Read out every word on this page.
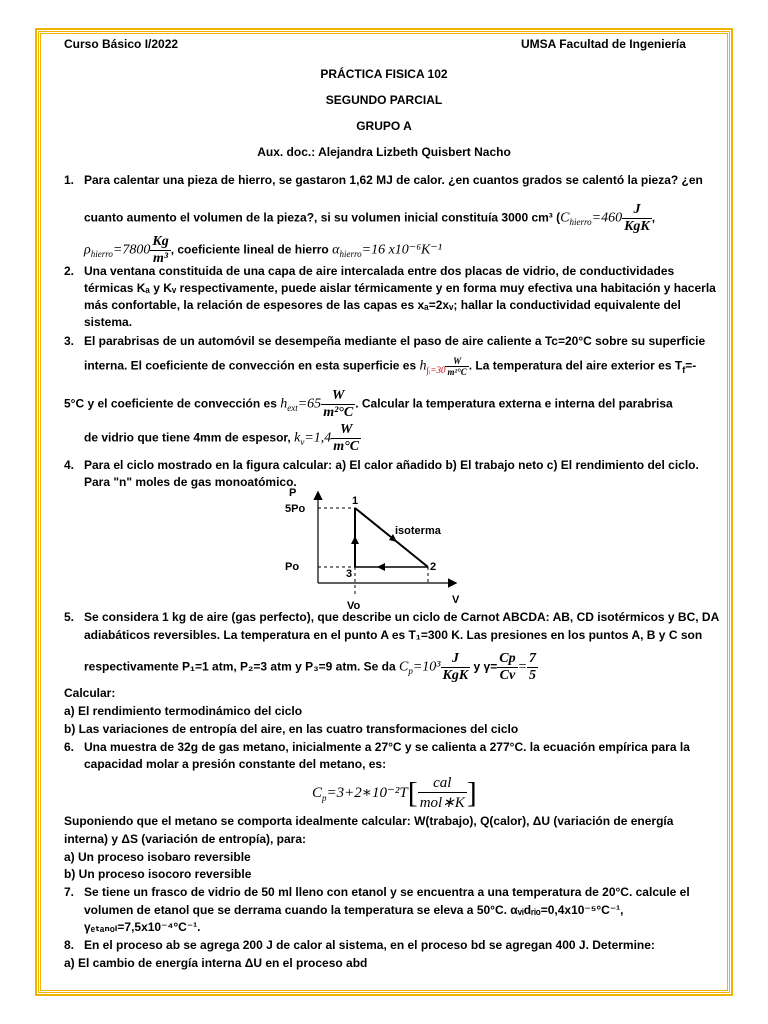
Curso Básico I/2022	UMSA Facultad de Ingeniería
PRÁCTICA FISICA 102
SEGUNDO PARCIAL
GRUPO A
Aux. doc.: Alejandra Lizbeth Quisbert Nacho
1. Para calentar una pieza de hierro, se gastaron 1,62 MJ de calor. ¿en cuantos grados se calentó la pieza? ¿en
cuanto aumento el volumen de la pieza?, si su volumen inicial constituía 3000 cm³ ($C_{hierro}=460 \frac{J}{\text{KgK}}$ ,
$\rho_{hierro}=7800 \frac{Kg}{\text{m³}}$ , coeficiente lineal de hierro $\alpha_{hierro}=16$ x10⁻⁶K⁻¹
2. Una ventana constituida de una capa de aire intercalada entre dos placas de vidrio, de conductividades
térmicas Kₐ y Kᵥ respectivamente, puede aislar térmicamente y en forma muy efectiva una habitación y hacerla
más confortable, la relación de espesores de las capas es xₐ=2xᵥ; hallar la conductividad equivalente del
sistema.
3. El parabrisas de un automóvil se desempeña mediante el paso de aire caliente a Tc=20°C sobre su superficie
interna. El coeficiente de convección en esta superficie es $h_{\int ᵢ=30} \frac{W}{\text{m²°C}}$ . La temperatura del aire exterior es $T_f=-$
5°C y el coeficiente de convección es $h_{ext}=65 \frac{W}{\text{m²°C}}$ . Calcular la temperatura externa e interna del parabrisa
de vidrio que tiene 4mm de espesor, $k_v=1,4 \frac{W}{m^\circ C}$
4. Para el ciclo mostrado en la figura calcular: a) El calor añadido b) El trabajo neto c) El rendimiento del ciclo.
Para "n" moles de gas monoatómico.
P
5Po
Po
Vo	V
1
2
3
isoterma
5. Se considera 1 kg de aire (gas perfecto), que describe un ciclo de Carnot ABCDA: AB, CD isotérmicos y BC, DA
adiabáticos reversibles. La temperatura en el punto A es T₁=300 K. Las presiones en los puntos A, B y C son
respectivamente P₁=1 atm, P₂=3 atm y P₃=9 atm. Se da $C_p=10^3 \frac{J}{\text{KgK}}$ y $\gamma= \frac{Cp}{Cv} = \frac{7}{5}$
Calcular:
a) El rendimiento termodinámico del ciclo
b) Las variaciones de entropía del aire, en las cuatro transformaciones del ciclo
6. Una muestra de 32g de gas metano, inicialmente a 27°C y se calienta a 277°C. la ecuación empírica para la
capacidad molar a presión constante del metano, es:
$C_p=3+2∗10^{-2}T[ \frac{\text{cal}}{\text{mol∗K}}$ ]
Suponiendo que el metano se comporta idealmente calcular: W(trabajo), Q(calor), ΔU (variación de energía
interna) y ΔS (variación de entropía), para:
a) Un proceso isobaro reversible
b) Un proceso isocoro reversible
7. Se tiene un frasco de vidrio de 50 ml lleno con etanol y se encuentra a una temperatura de 20°C. calcule el
volumen de etanol que se derrama cuando la temperatura se eleva a 50°C. αᵥᵢdᵣᵢₒ=0,4x10⁻⁵°C⁻¹,
γₑₜₐₙₒₗ=7,5x10⁻⁴°C⁻¹.
8. En el proceso ab se agrega 200 J de calor al sistema, en el proceso bd se agregan 400 J. Determine:
a) El cambio de energía interna ΔU en el proceso abd
